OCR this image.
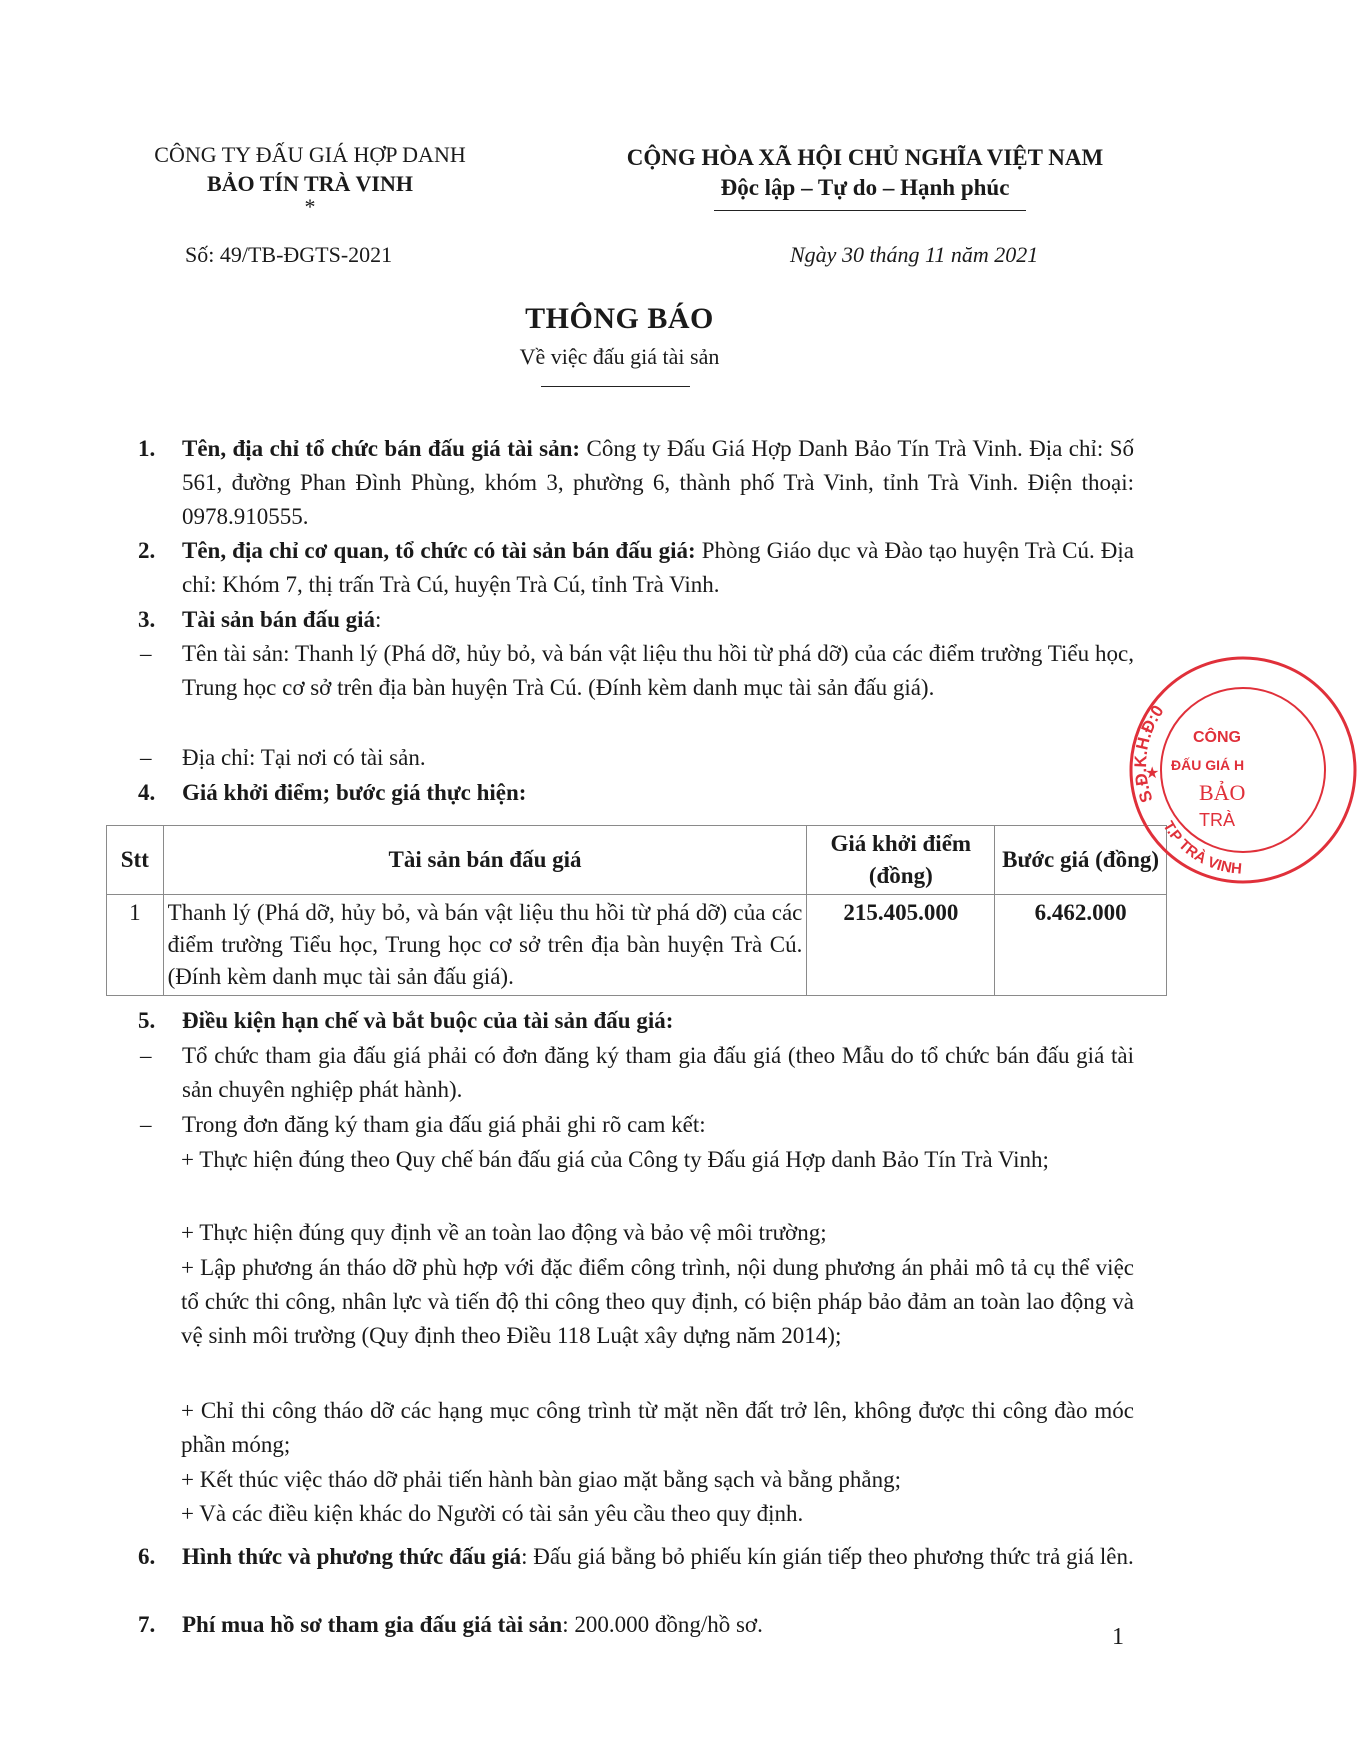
CÔNG TY ĐẤU GIÁ HỢP DANH
BẢO TÍN TRÀ VINH
*
CỘNG HÒA XÃ HỘI CHỦ NGHĨA VIỆT NAM
Độc lập – Tự do – Hạnh phúc
Số: 49/TB-ĐGTS-2021	Ngày 30 tháng 11 năm 2021
THÔNG BÁO
Về việc đấu giá tài sản
1. Tên, địa chỉ tổ chức bán đấu giá tài sản: Công ty Đấu Giá Hợp Danh Bảo Tín Trà Vinh. Địa chỉ: Số 561, đường Phan Đình Phùng, khóm 3, phường 6, thành phố Trà Vinh, tỉnh Trà Vinh. Điện thoại: 0978.910555.
2. Tên, địa chỉ cơ quan, tổ chức có tài sản bán đấu giá: Phòng Giáo dục và Đào tạo huyện Trà Cú. Địa chỉ: Khóm 7, thị trấn Trà Cú, huyện Trà Cú, tỉnh Trà Vinh.
3. Tài sản bán đấu giá:
– Tên tài sản: Thanh lý (Phá dỡ, hủy bỏ, và bán vật liệu thu hồi từ phá dỡ) của các điểm trường Tiểu học, Trung học cơ sở trên địa bàn huyện Trà Cú. (Đính kèm danh mục tài sản đấu giá).
– Địa chỉ: Tại nơi có tài sản.
4. Giá khởi điểm; bước giá thực hiện:
Stt	Tài sản bán đấu giá	Giá khởi điểm (đồng)	Bước giá (đồng)
1	Thanh lý (Phá dỡ, hủy bỏ, và bán vật liệu thu hồi từ phá dỡ) của các điểm trường Tiểu học, Trung học cơ sở trên địa bàn huyện Trà Cú. (Đính kèm danh mục tài sản đấu giá).	215.405.000	6.462.000
5. Điều kiện hạn chế và bắt buộc của tài sản đấu giá:
– Tổ chức tham gia đấu giá phải có đơn đăng ký tham gia đấu giá (theo Mẫu do tổ chức bán đấu giá tài sản chuyên nghiệp phát hành).
– Trong đơn đăng ký tham gia đấu giá phải ghi rõ cam kết:
+ Thực hiện đúng theo Quy chế bán đấu giá của Công ty Đấu giá Hợp danh Bảo Tín Trà Vinh;
+ Thực hiện đúng quy định về an toàn lao động và bảo vệ môi trường;
+ Lập phương án tháo dỡ phù hợp với đặc điểm công trình, nội dung phương án phải mô tả cụ thể việc tổ chức thi công, nhân lực và tiến độ thi công theo quy định, có biện pháp bảo đảm an toàn lao động và vệ sinh môi trường (Quy định theo Điều 118 Luật xây dựng năm 2014);
+ Chỉ thi công tháo dỡ các hạng mục công trình từ mặt nền đất trở lên, không được thi công đào móc phần móng;
+ Kết thúc việc tháo dỡ phải tiến hành bàn giao mặt bằng sạch và bằng phẳng;
+ Và các điều kiện khác do Người có tài sản yêu cầu theo quy định.
6. Hình thức và phương thức đấu giá: Đấu giá bằng bỏ phiếu kín gián tiếp theo phương thức trả giá lên.
7. Phí mua hồ sơ tham gia đấu giá tài sản: 200.000 đồng/hồ sơ.	1
S.Đ.K.H.Đ:0
T.P TRÀ VINH
CÔNG
ĐẤU GIÁ H
BẢO
TRÀ
★
